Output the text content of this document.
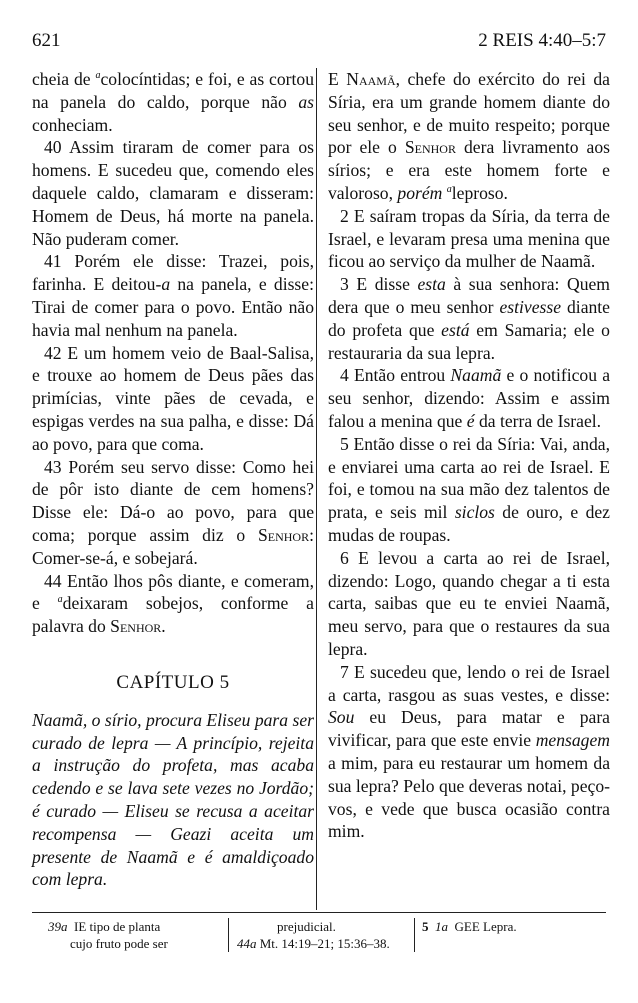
621	2 REIS 4:40–5:7

cheia de $^a$colocíntidas; e foi, e as cortou na panela do caldo, porque não as conheciam.

40 Assim tiraram de comer para os homens. E sucedeu que, comendo eles daquele caldo, clamaram e disseram: Homem de Deus, há morte na panela. Não puderam comer.

41 Porém ele disse: Trazei, pois, farinha. E deitou-a na panela, e disse: Tirai de comer para o povo. Então não havia mal nenhum na panela.

42 E um homem veio de Baal-Salisa, e trouxe ao homem de Deus pães das primícias, vinte pães de cevada, e espigas verdes na sua palha, e disse: Dá ao povo, para que coma.

43 Porém seu servo disse: Como hei de pôr isto diante de cem homens? Disse ele: Dá-o ao povo, para que coma; porque assim diz o Senhor: Comer-se-á, e sobejará.

44 Então lhos pôs diante, e comeram, e $^a$deixaram sobejos, conforme a palavra do Senhor.

CAPÍTULO 5

Naamã, o sírio, procura Eliseu para ser curado de lepra — A princípio, rejeita a instrução do profeta, mas acaba cedendo e se lava sete vezes no Jordão; é curado — Eliseu se recusa a aceitar recompensa — Geazi aceita um presente de Naamã e é amaldiçoado com lepra.

E Naamã, chefe do exército do rei da Síria, era um grande homem diante do seu senhor, e de muito respeito; porque por ele o Senhor dera livramento aos sírios; e era este homem forte e valoroso, porém $^a$leproso.

2 E saíram tropas da Síria, da terra de Israel, e levaram presa uma menina que ficou ao serviço da mulher de Naamã.

3 E disse esta à sua senhora: Quem dera que o meu senhor estivesse diante do profeta que está em Samaria; ele o restauraria da sua lepra.

4 Então entrou Naamã e o notificou a seu senhor, dizendo: Assim e assim falou a menina que é da terra de Israel.

5 Então disse o rei da Síria: Vai, anda, e enviarei uma carta ao rei de Israel. E foi, e tomou na sua mão dez talentos de prata, e seis mil siclos de ouro, e dez mudas de roupas.

6 E levou a carta ao rei de Israel, dizendo: Logo, quando chegar a ti esta carta, saibas que eu te enviei Naamã, meu servo, para que o restaures da sua lepra.

7 E sucedeu que, lendo o rei de Israel a carta, rasgou as suas vestes, e disse: Sou eu Deus, para matar e para vivificar, para que este envie mensagem a mim, para eu restaurar um homem da sua lepra? Pelo que deveras notai, peço-vos, e vede que busca ocasião contra mim.

39a IE tipo de planta
cujo fruto pode ser
prejudicial.
44a Mt. 14:19–21; 15:36–38.
5 1a GEE Lepra.
